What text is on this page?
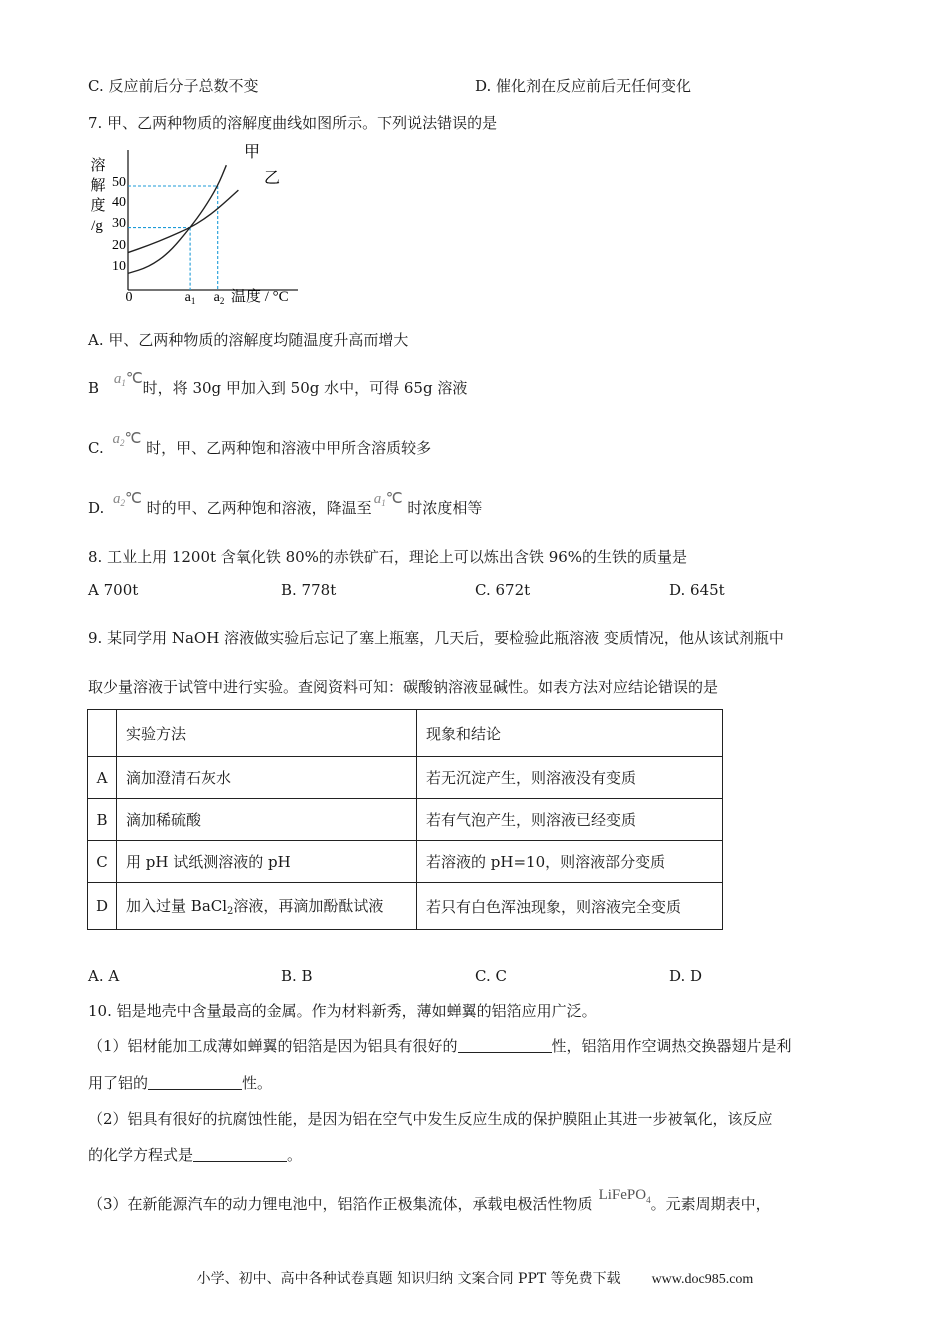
C. 反应前后分子总数不变	D. 催化剂在反应前后无任何变化
7. 甲、乙两种物质的溶解度曲线如图所示。下列说法错误的是
溶
解
度
/g
50
40
30
20
10
0
甲
乙
$a_1$ $a_2$ 温度 / °C
A. 甲、乙两种物质的溶解度均随温度升高而增大
B $a_1℃$时，将 30g 甲加入到 50g 水中，可得 65g 溶液
C. $a_2℃$ 时，甲、乙两种饱和溶液中甲所含溶质较多
D. $a_2℃$ 时的甲、乙两种饱和溶液，降温至 $a_1℃$ 时浓度相等
8. 工业上用 1200t 含氧化铁 80%的赤铁矿石，理论上可以炼出含铁 96%的生铁的质量是
A 700t	B. 778t	C. 672t	D. 645t
9. 某同学用 NaOH 溶液做实验后忘记了塞上瓶塞，几天后，要检验此瓶溶液 变质情况，他从该试剂瓶中
取少量溶液于试管中进行实验。查阅资料可知：碳酸钠溶液显碱性。如表方法对应结论错误的是
	实验方法	现象和结论
A	滴加澄清石灰水	若无沉淀产生，则溶液没有变质
B	滴加稀硫酸	若有气泡产生，则溶液已经变质
C	用 pH 试纸测溶液的 pH	若溶液的 pH=10，则溶液部分变质
D	加入过量 BaCl$_2$溶液，再滴加酚酞试液	若只有白色浑浊现象，则溶液完全变质
A. A	B. B	C. C	D. D
10. 铝是地壳中含量最高的金属。作为材料新秀，薄如蝉翼的铝箔应用广泛。
（1）铝材能加工成薄如蝉翼的铝箔是因为铝具有很好的	性，铝箔用作空调热交换器翅片是利
用了铝的	性。
（2）铝具有很好的抗腐蚀性能，是因为铝在空气中发生反应生成的保护膜阻止其进一步被氧化，该反应
的化学方程式是	。
（3）在新能源汽车的动力锂电池中，铝箔作正极集流体，承载电极活性物质 LiFePO$_4$。元素周期表中，
小学、初中、高中各种试卷真题 知识归纳 文案合同 PPT 等免费下载 www.doc985.com
